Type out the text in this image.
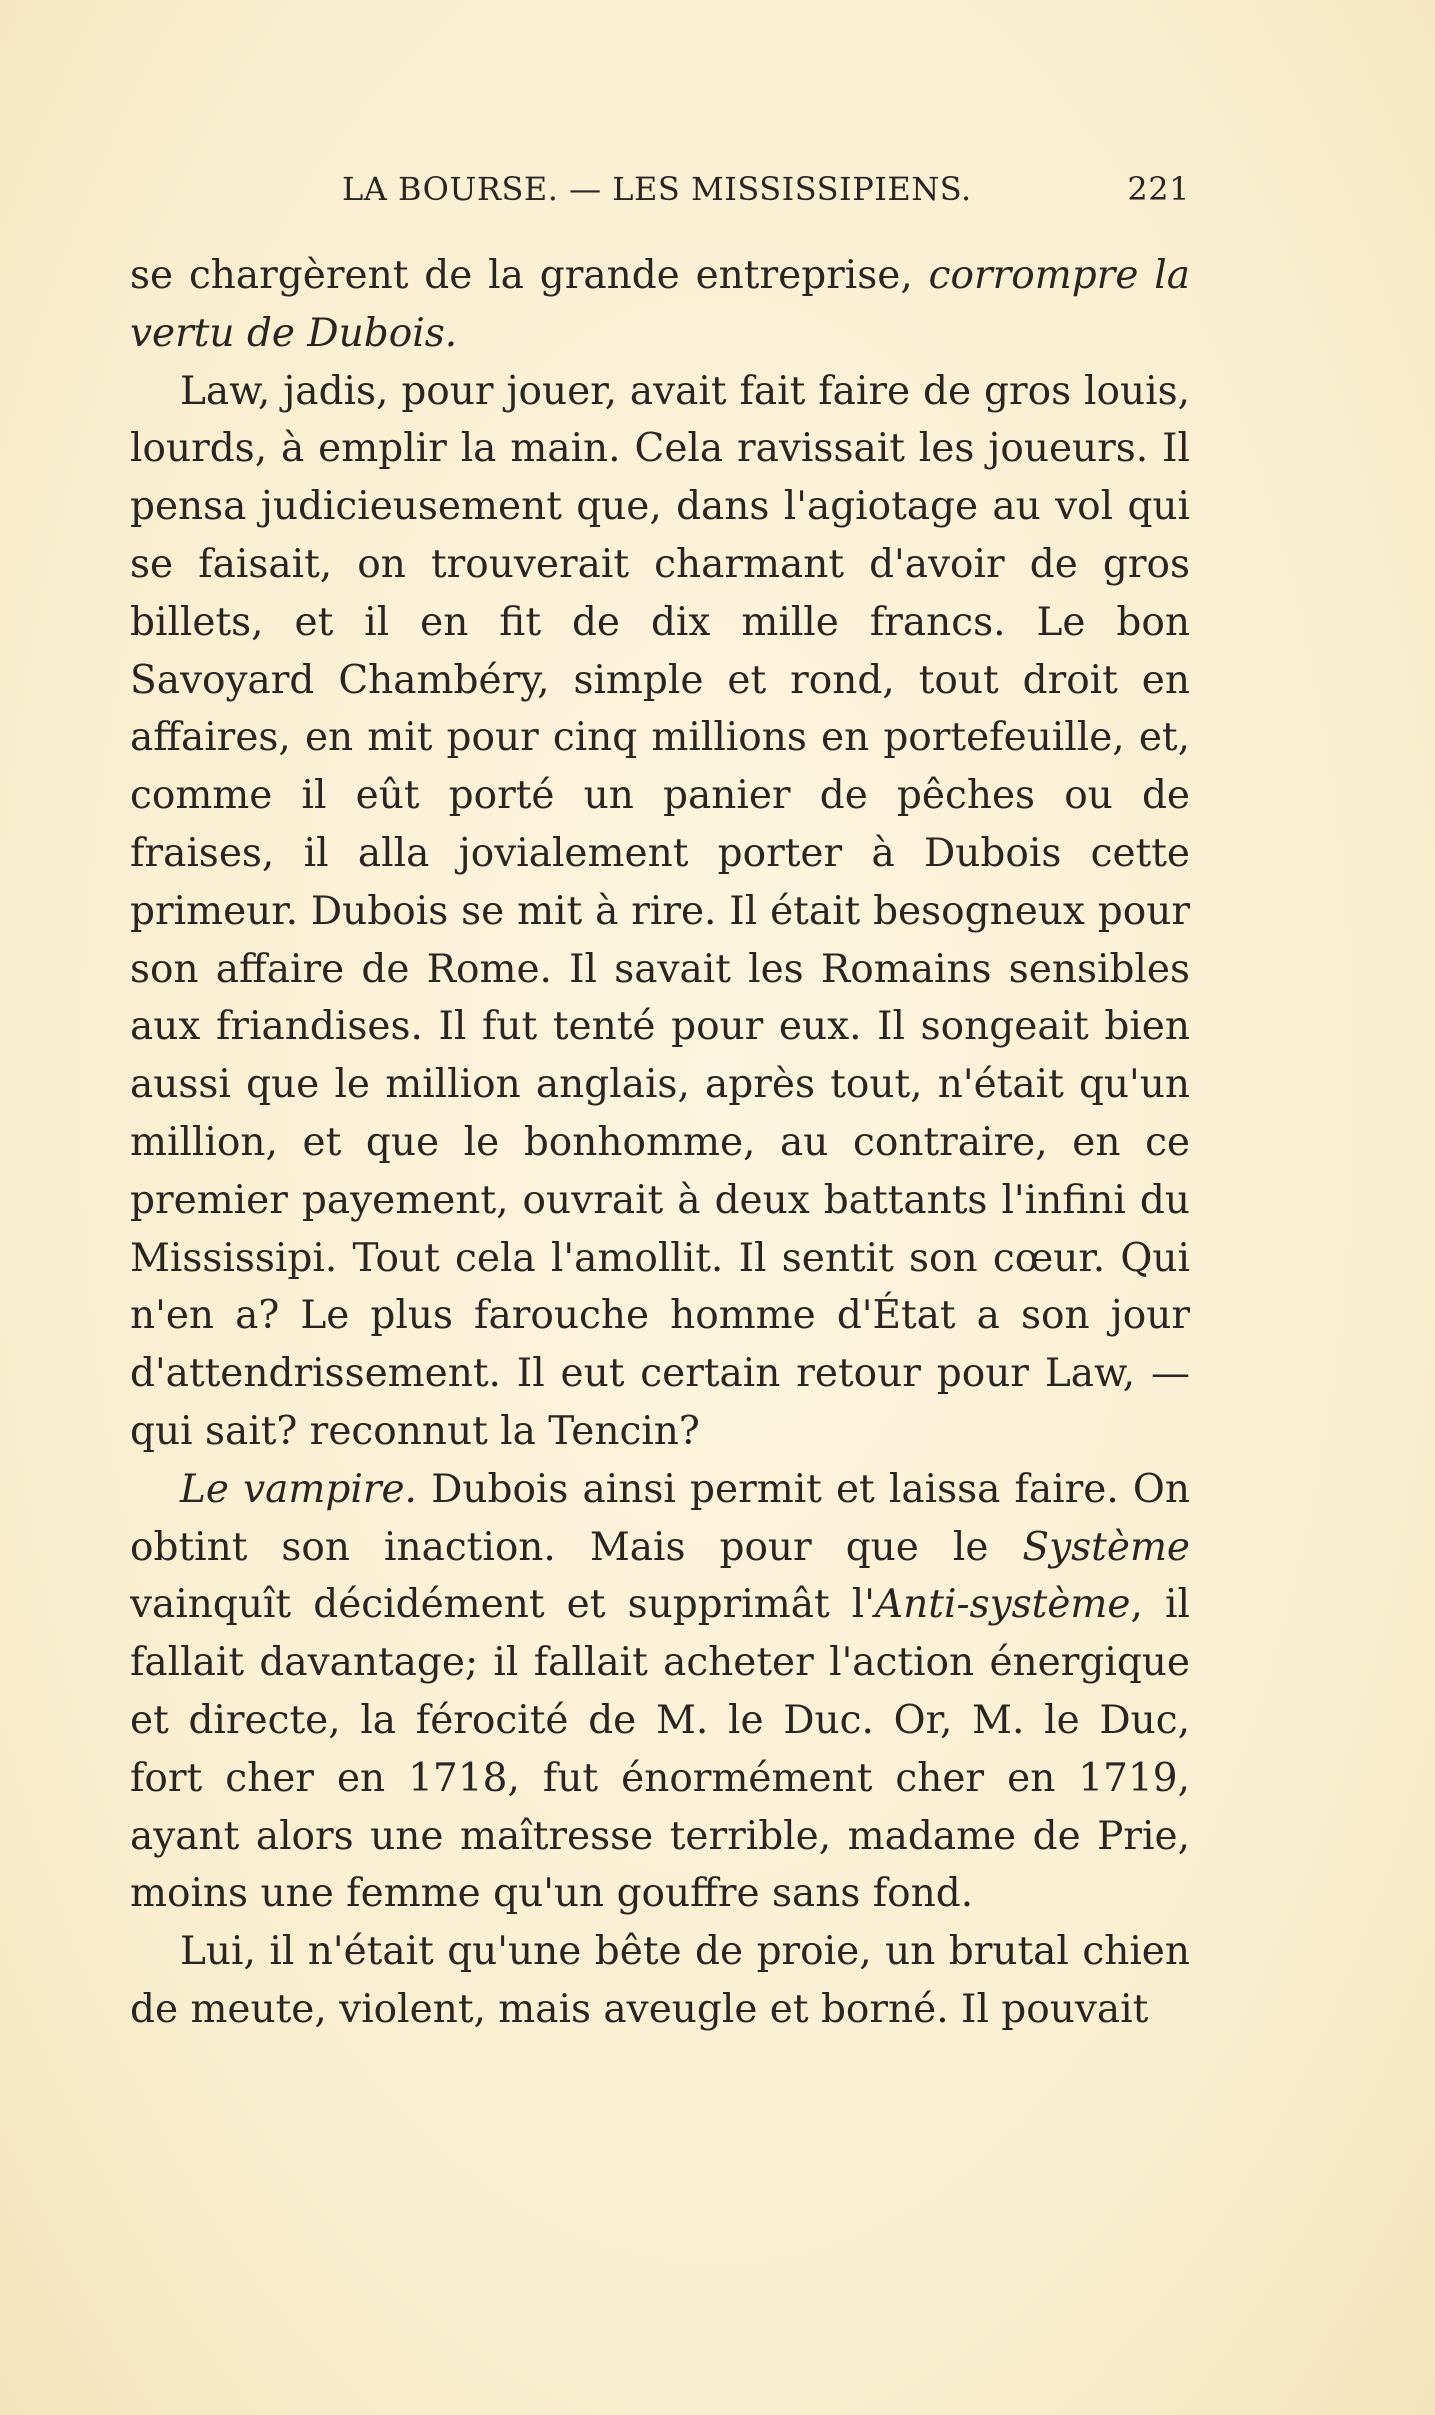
LA BOURSE. — LES MISSISSIPIENS.	221

se chargèrent de la grande entreprise, corrompre la vertu de Dubois.

Law, jadis, pour jouer, avait fait faire de gros louis, lourds, à emplir la main. Cela ravissait les joueurs. Il pensa judicieusement que, dans l'agiotage au vol qui se faisait, on trouverait charmant d'avoir de gros billets, et il en fit de dix mille francs. Le bon Savoyard Chambéry, simple et rond, tout droit en affaires, en mit pour cinq millions en portefeuille, et, comme il eût porté un panier de pêches ou de fraises, il alla jovialement porter à Dubois cette primeur. Dubois se mit à rire. Il était besogneux pour son affaire de Rome. Il savait les Romains sensibles aux friandises. Il fut tenté pour eux. Il songeait bien aussi que le million anglais, après tout, n'était qu'un million, et que le bonhomme, au contraire, en ce premier payement, ouvrait à deux battants l'infini du Mississipi. Tout cela l'amollit. Il sentit son cœur. Qui n'en a? Le plus farouche homme d'État a son jour d'attendrissement. Il eut certain retour pour Law, — qui sait? reconnut la Tencin?

Le vampire. Dubois ainsi permit et laissa faire. On obtint son inaction. Mais pour que le Système vainquît décidément et supprimât l'Anti-système, il fallait davantage; il fallait acheter l'action énergique et directe, la férocité de M. le Duc. Or, M. le Duc, fort cher en 1718, fut énormément cher en 1719, ayant alors une maîtresse terrible, madame de Prie, moins une femme qu'un gouffre sans fond.

Lui, il n'était qu'une bête de proie, un brutal chien de meute, violent, mais aveugle et borné. Il pouvait
